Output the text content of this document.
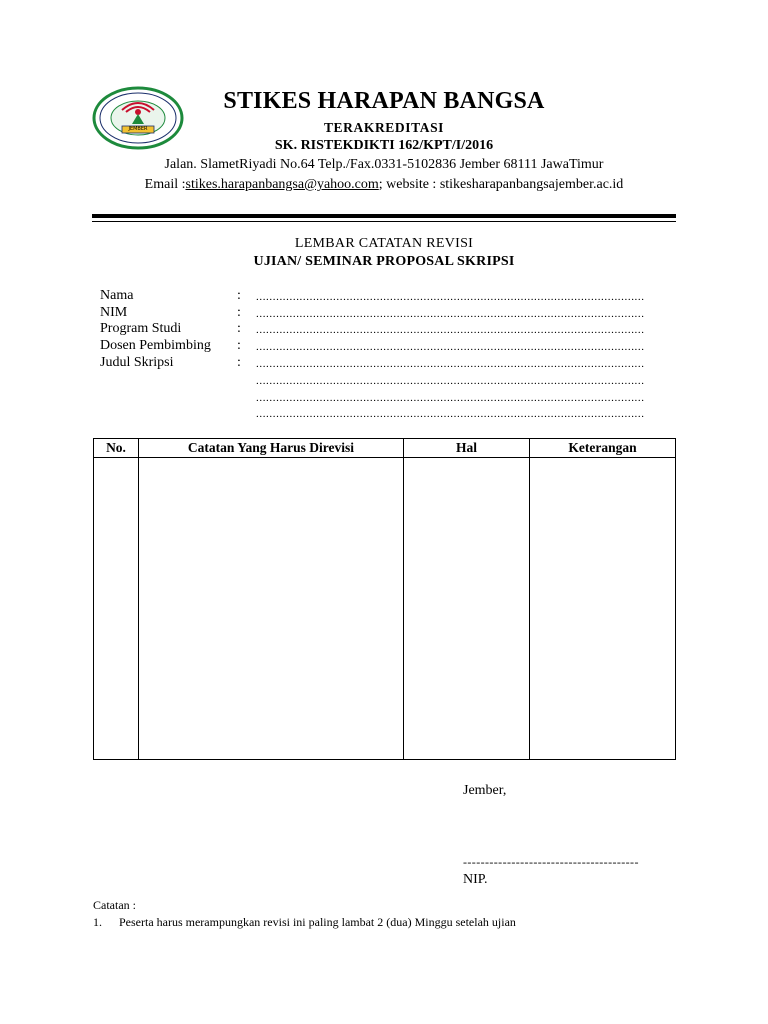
JEMBER
STIKES HARAPAN BANGSA
TERAKREDITASI
SK. RISTEKDIKTI 162/KPT/I/2016
Jalan. SlametRiyadi No.64 Telp./Fax.0331-5102836 Jember 68111 JawaTimur
Email :stikes.harapanbangsa@yahoo.com; website : stikesharapanbangsajember.ac.id
LEMBAR CATATAN REVISI
UJIAN/ SEMINAR PROPOSAL SKRIPSI
Nama	: ....................................................................................................................
NIM	: ....................................................................................................................
Program Studi	: ....................................................................................................................
Dosen Pembimbing : ....................................................................................................................
Judul Skripsi	: ....................................................................................................................
....................................................................................................................
....................................................................................................................
....................................................................................................................
No.	Catatan Yang Harus Direvisi	Hal	Keterangan

Jember,
----------------------------------------
NIP.
Catatan :
1. Peserta harus merampungkan revisi ini paling lambat 2 (dua) Minggu setelah ujian
